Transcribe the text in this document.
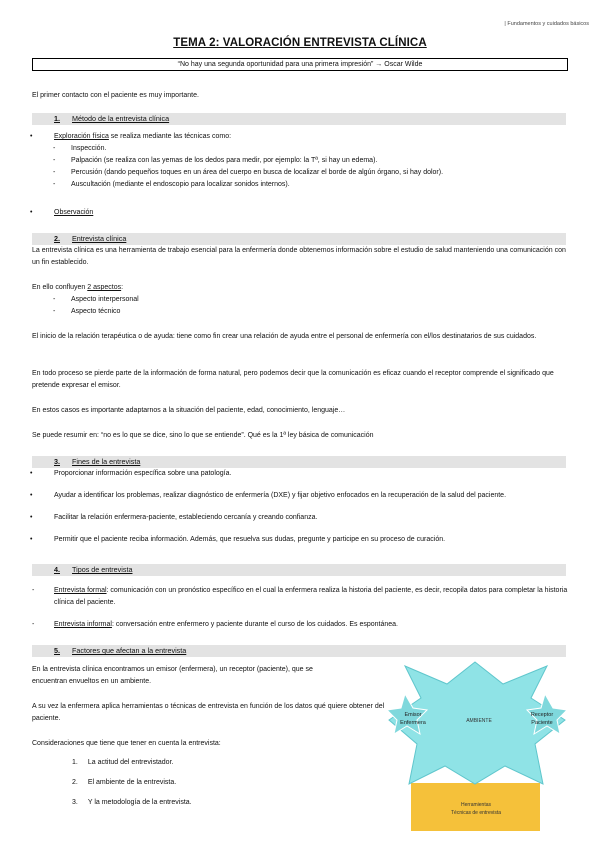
| Fundamentos y cuidados básicos
TEMA 2: VALORACIÓN ENTREVISTA CLÍNICA
“No hay una segunda oportunidad para una primera impresión” → Oscar Wilde
El primer contacto con el paciente es muy importante.
1. Método de la entrevista clínica
•	Exploración física se realiza mediante las técnicas como:
- Inspección.
- Palpación (se realiza con las yemas de los dedos para medir, por ejemplo: la Tª, si hay un edema).
- Percusión (dando pequeños toques en un área del cuerpo en busca de localizar el borde de algún órgano, si hay dolor).
- Auscultación (mediante el endoscopio para localizar sonidos internos).
•	Observación
2. Entrevista clínica
La entrevista clínica es una herramienta de trabajo esencial para la enfermería donde obtenemos información sobre el estudio de salud manteniendo una comunicación con un fin establecido.
En ello confluyen 2 aspectos:
- Aspecto interpersonal
- Aspecto técnico
El inicio de la relación terapéutica o de ayuda: tiene como fin crear una relación de ayuda entre el personal de enfermería con el/los destinatarios de sus cuidados.
En todo proceso se pierde parte de la información de forma natural, pero podemos decir que la comunicación es eficaz cuando el receptor comprende el significado que pretende expresar el emisor.
En estos casos es importante adaptarnos a la situación del paciente, edad, conocimiento, lenguaje…
Se puede resumir en: “no es lo que se dice, sino lo que se entiende”. Qué es la 1ª ley básica de comunicación
3. Fines de la entrevista
•	Proporcionar información específica sobre una patología.
•	Ayudar a identificar los problemas, realizar diagnóstico de enfermería (DXE) y fijar objetivo enfocados en la recuperación de la salud del paciente.
•	Facilitar la relación enfermera-paciente, estableciendo cercanía y creando confianza.
•	Permitir que el paciente reciba información. Además, que resuelva sus dudas, pregunte y participe en su proceso de curación.
4. Tipos de entrevista
-	Entrevista formal: comunicación con un pronóstico específico en el cual la enfermera realiza la historia del paciente, es decir, recopila datos para completar la historia clínica del paciente.
-	Entrevista informal: conversación entre enfermero y paciente durante el curso de los cuidados. Es espontánea.
5. Factores que afectan a la entrevista
En la entrevista clínica encontramos un emisor (enfermera), un receptor (paciente), que se encuentran envueltos en un ambiente.
A su vez la enfermera aplica herramientas o técnicas de entrevista en función de los datos qué quiere obtener del paciente.
Consideraciones que tiene que tener en cuenta la entrevista:
1. La actitud del entrevistador.
2. El ambiente de la entrevista.
3. Y la metodología de la entrevista.
AMBIENTE
Emisor
Enfermera
Receptor
Paciente
Herramientas
Técnicas de entrevista
